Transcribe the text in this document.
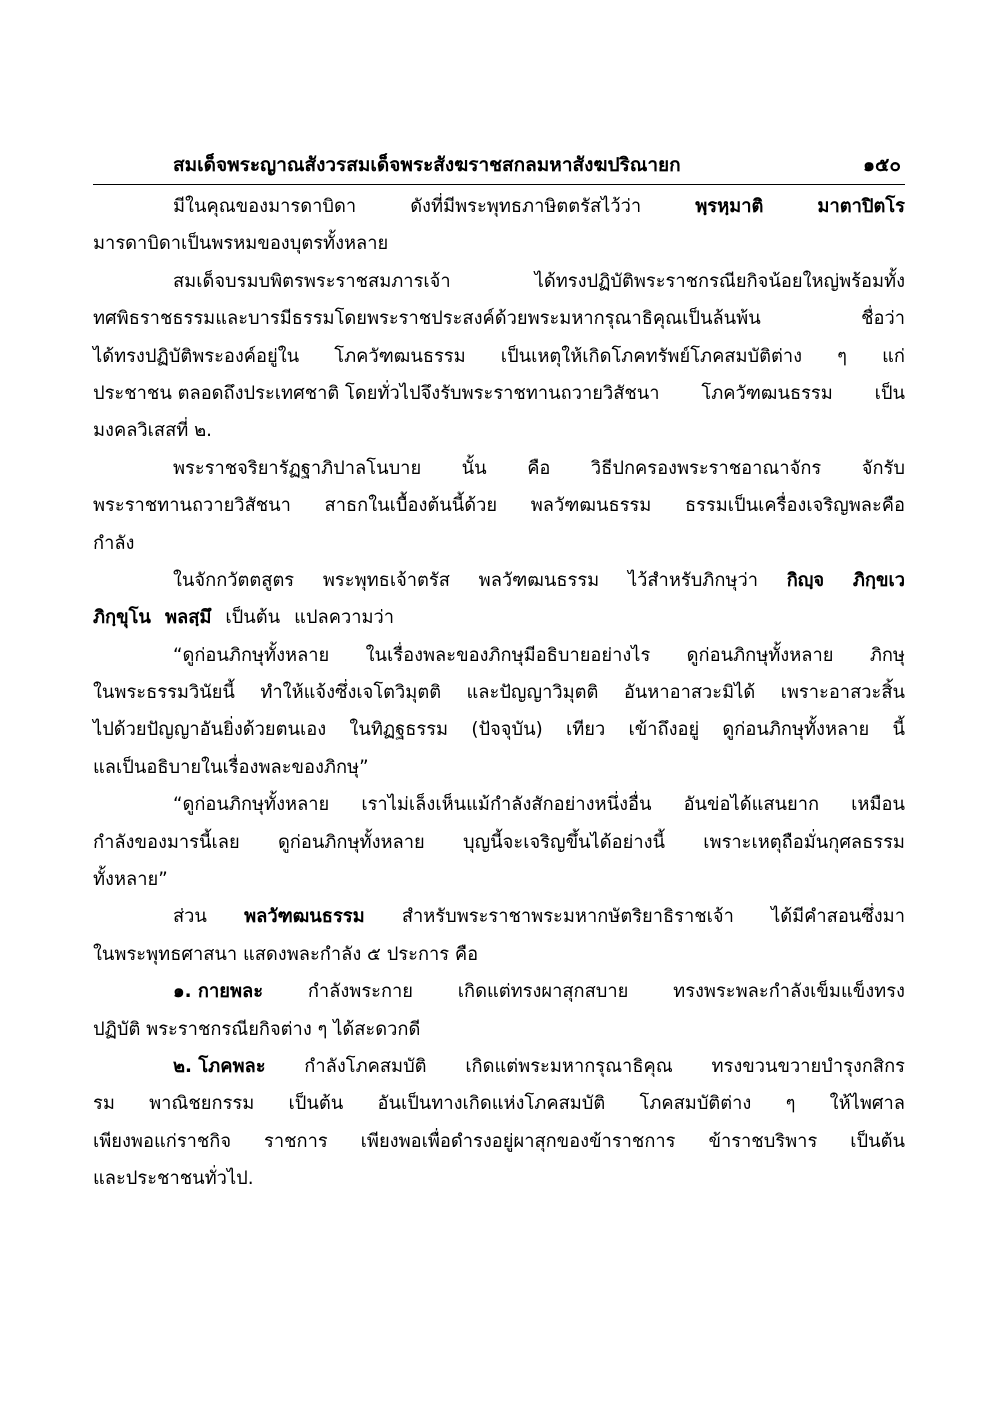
สมเด็จพระญาณสังวรสมเด็จพระสังฆราชสกลมหาสังฆปริณายก	๑๕๐
มีในคุณของมารดาบิดา	ดังที่มีพระพุทธภาษิตตรัสไว้ว่า	พฺรหฺมาติ	มาตาปิตโร
มารดาบิดาเป็นพรหมของบุตรทั้งหลาย
สมเด็จบรมบพิตรพระราชสมภารเจ้า	ได้ทรงปฏิบัติพระราชกรณียกิจน้อยใหญ่พร้อมทั้ง
ทศพิธราชธรรมและบารมีธรรมโดยพระราชประสงค์ด้วยพระมหากรุณาธิคุณเป็นล้นพ้น	ชื่อว่า
ได้ทรงปฏิบัติพระองค์อยู่ใน โภควัฑฒนธรรม เป็นเหตุให้เกิดโภคทรัพย์โภคสมบัติต่าง ๆ แก่
ประชาชน ตลอดถึงประเทศชาติ โดยทั่วไปจึงรับพระราชทานถวายวิสัชนา โภควัฑฒนธรรม เป็น
มงคลวิเสสที่ ๒.
พระราชจริยารัฏฐาภิปาลโนบาย นั้น คือ วิธีปกครองพระราชอาณาจักร จักรับ
พระราชทานถวายวิสัชนา สาธกในเบื้องต้นนี้ด้วย พลวัฑฒนธรรม ธรรมเป็นเครื่องเจริญพละคือ
กำลัง
ในจักกวัตตสูตร พระพุทธเจ้าตรัส พลวัฑฒนธรรม ไว้สำหรับภิกษุว่า กิญฺจ ภิกฺขเว
ภิกฺขุโน พลสฺมึ เป็นต้น แปลความว่า
“ดูก่อนภิกษุทั้งหลาย ในเรื่องพละของภิกษุมีอธิบายอย่างไร ดูก่อนภิกษุทั้งหลาย ภิกษุ
ในพระธรรมวินัยนี้ ทำให้แจ้งซึ่งเจโตวิมุตติ และปัญญาวิมุตติ อันหาอาสวะมิได้ เพราะอาสวะสิ้น
ไปด้วยปัญญาอันยิ่งด้วยตนเอง ในทิฏฐธรรม (ปัจจุบัน) เทียว เข้าถึงอยู่ ดูก่อนภิกษุทั้งหลาย นี้
แลเป็นอธิบายในเรื่องพละของภิกษุ”
“ดูก่อนภิกษุทั้งหลาย เราไม่เล็งเห็นแม้กำลังสักอย่างหนึ่งอื่น อันข่อได้แสนยาก เหมือน
กำลังของมารนี้เลย ดูก่อนภิกษุทั้งหลาย บุญนี้จะเจริญขึ้นได้อย่างนี้ เพราะเหตุถือมั่นกุศลธรรม
ทั้งหลาย”
ส่วน พลวัฑฒนธรรม สำหรับพระราชาพระมหากษัตริยาธิราชเจ้า ได้มีคำสอนซึ่งมา
ในพระพุทธศาสนา แสดงพละกำลัง ๕ ประการ คือ
๑. กายพละ กำลังพระกาย เกิดแต่ทรงผาสุกสบาย ทรงพระพละกำลังเข็มแข็งทรง
ปฏิบัติ พระราชกรณียกิจต่าง ๆ ได้สะดวกดี
๒. โภคพละ กำลังโภคสมบัติ เกิดแต่พระมหากรุณาธิคุณ ทรงขวนขวายบำรุงกสิกร
รม พาณิชยกรรม เป็นต้น อันเป็นทางเกิดแห่งโภคสมบัติ โภคสมบัติต่าง ๆ ให้ไพศาล
เพียงพอแก่ราชกิจ ราชการ เพียงพอเพื่อดำรงอยู่ผาสุกของข้าราชการ ข้าราชบริพาร เป็นต้น
และประชาชนทั่วไป.
